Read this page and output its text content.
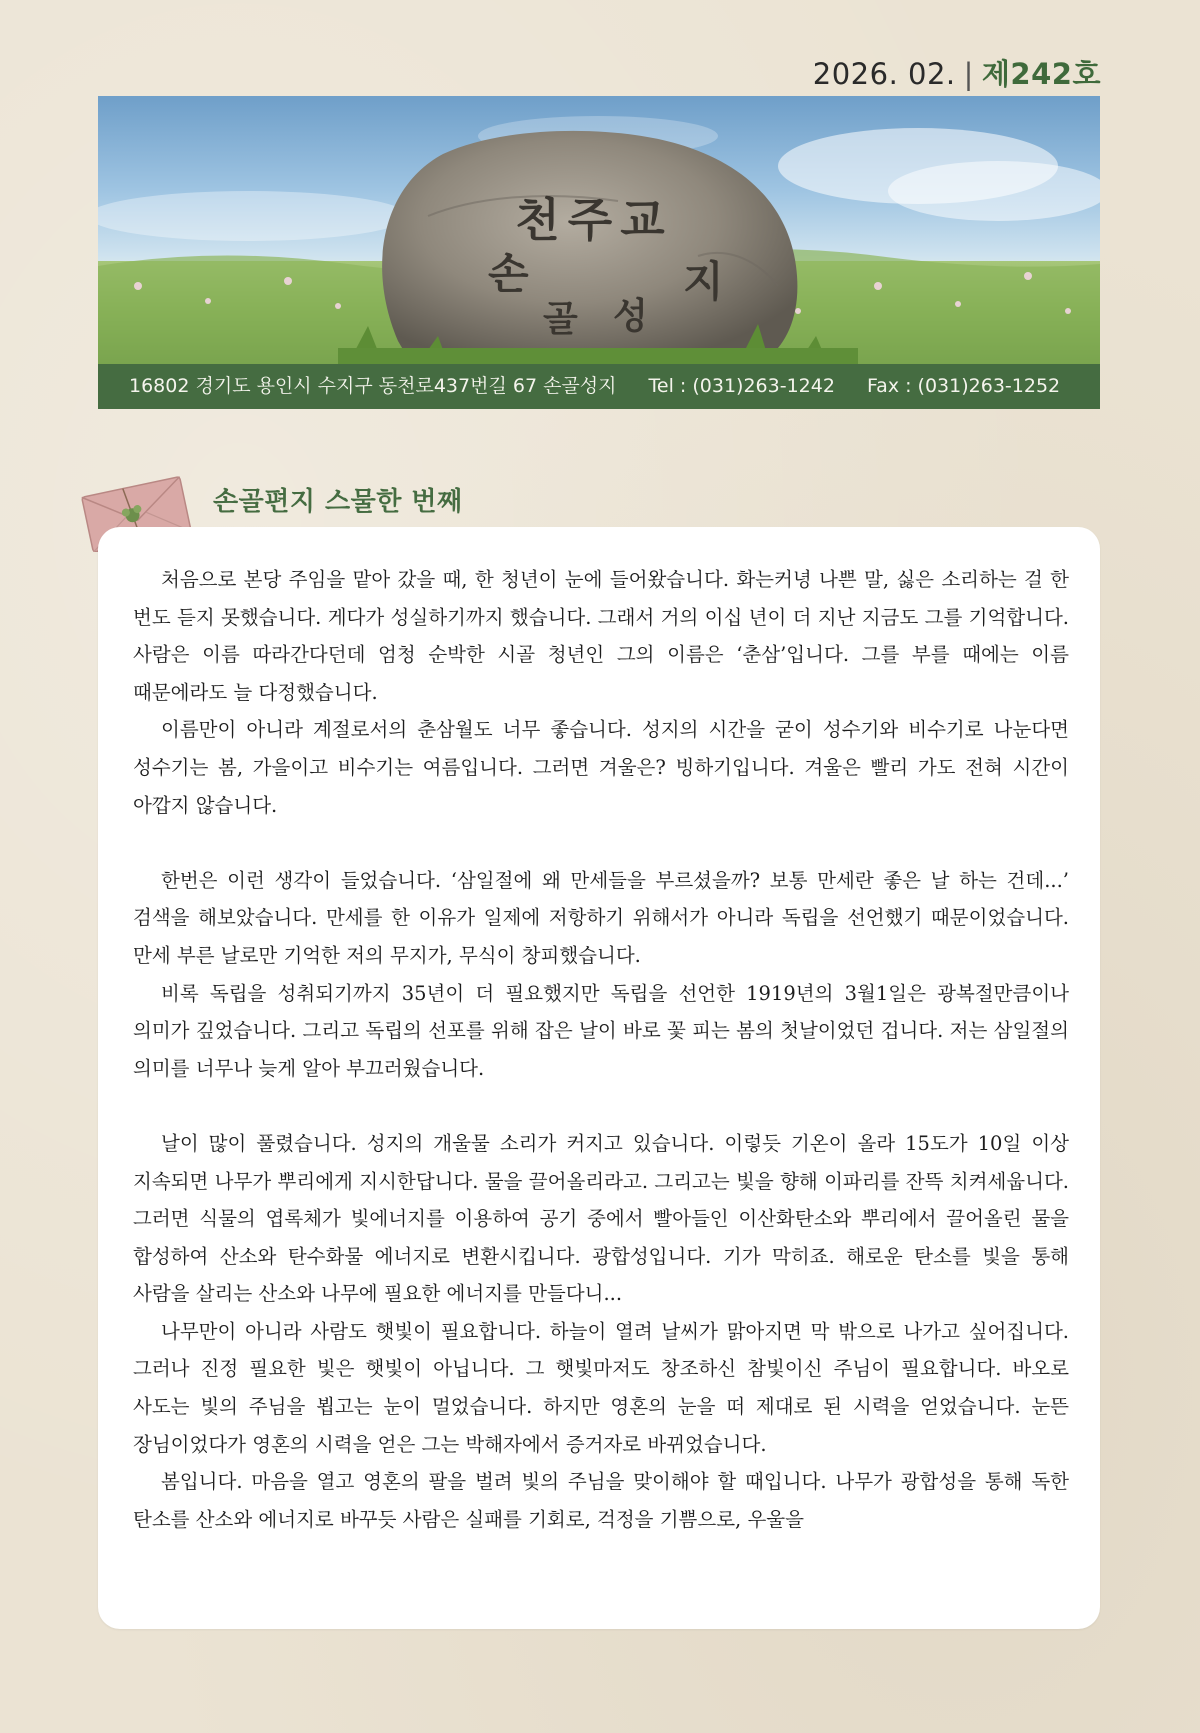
2026. 02. | 제242호
천주교
손
골 성
지
16802 경기도 용인시 수지구 동천로437번길 67 손골성지 Tel : (031)263-1242 Fax : (031)263-1252
손골편지 스물한 번째

처음으로 본당 주임을 맡아 갔을 때, 한 청년이 눈에 들어왔습니다. 화는커녕 나쁜 말, 싫은 소리하는 걸 한 번도 듣지 못했습니다. 게다가 성실하기까지 했습니다. 그래서 거의 이십 년이 더 지난 지금도 그를 기억합니다. 사람은 이름 따라간다던데 엄청 순박한 시골 청년인 그의 이름은 ‘춘삼’입니다. 그를 부를 때에는 이름 때문에라도 늘 다정했습니다.

이름만이 아니라 계절로서의 춘삼월도 너무 좋습니다. 성지의 시간을 굳이 성수기와 비수기로 나눈다면 성수기는 봄, 가을이고 비수기는 여름입니다. 그러면 겨울은? 빙하기입니다. 겨울은 빨리 가도 전혀 시간이 아깝지 않습니다.

한번은 이런 생각이 들었습니다. ‘삼일절에 왜 만세들을 부르셨을까? 보통 만세란 좋은 날 하는 건데...’ 검색을 해보았습니다. 만세를 한 이유가 일제에 저항하기 위해서가 아니라 독립을 선언했기 때문이었습니다. 만세 부른 날로만 기억한 저의 무지가, 무식이 창피했습니다.

비록 독립을 성취되기까지 35년이 더 필요했지만 독립을 선언한 1919년의 3월1일은 광복절만큼이나 의미가 깊었습니다. 그리고 독립의 선포를 위해 잡은 날이 바로 꽃 피는 봄의 첫날이었던 겁니다. 저는 삼일절의 의미를 너무나 늦게 알아 부끄러웠습니다.

날이 많이 풀렸습니다. 성지의 개울물 소리가 커지고 있습니다. 이렇듯 기온이 올라 15도가 10일 이상 지속되면 나무가 뿌리에게 지시한답니다. 물을 끌어올리라고. 그리고는 빛을 향해 이파리를 잔뜩 치켜세웁니다. 그러면 식물의 엽록체가 빛에너지를 이용하여 공기 중에서 빨아들인 이산화탄소와 뿌리에서 끌어올린 물을 합성하여 산소와 탄수화물 에너지로 변환시킵니다. 광합성입니다. 기가 막히죠. 해로운 탄소를 빛을 통해 사람을 살리는 산소와 나무에 필요한 에너지를 만들다니...

나무만이 아니라 사람도 햇빛이 필요합니다. 하늘이 열려 날씨가 맑아지면 막 밖으로 나가고 싶어집니다. 그러나 진정 필요한 빛은 햇빛이 아닙니다. 그 햇빛마저도 창조하신 참빛이신 주님이 필요합니다. 바오로 사도는 빛의 주님을 뵙고는 눈이 멀었습니다. 하지만 영혼의 눈을 떠 제대로 된 시력을 얻었습니다. 눈뜬 장님이었다가 영혼의 시력을 얻은 그는 박해자에서 증거자로 바뀌었습니다.

봄입니다. 마음을 열고 영혼의 팔을 벌려 빛의 주님을 맞이해야 할 때입니다. 나무가 광합성을 통해 독한 탄소를 산소와 에너지로 바꾸듯 사람은 실패를 기회로, 걱정을 기쁨으로, 우울을
